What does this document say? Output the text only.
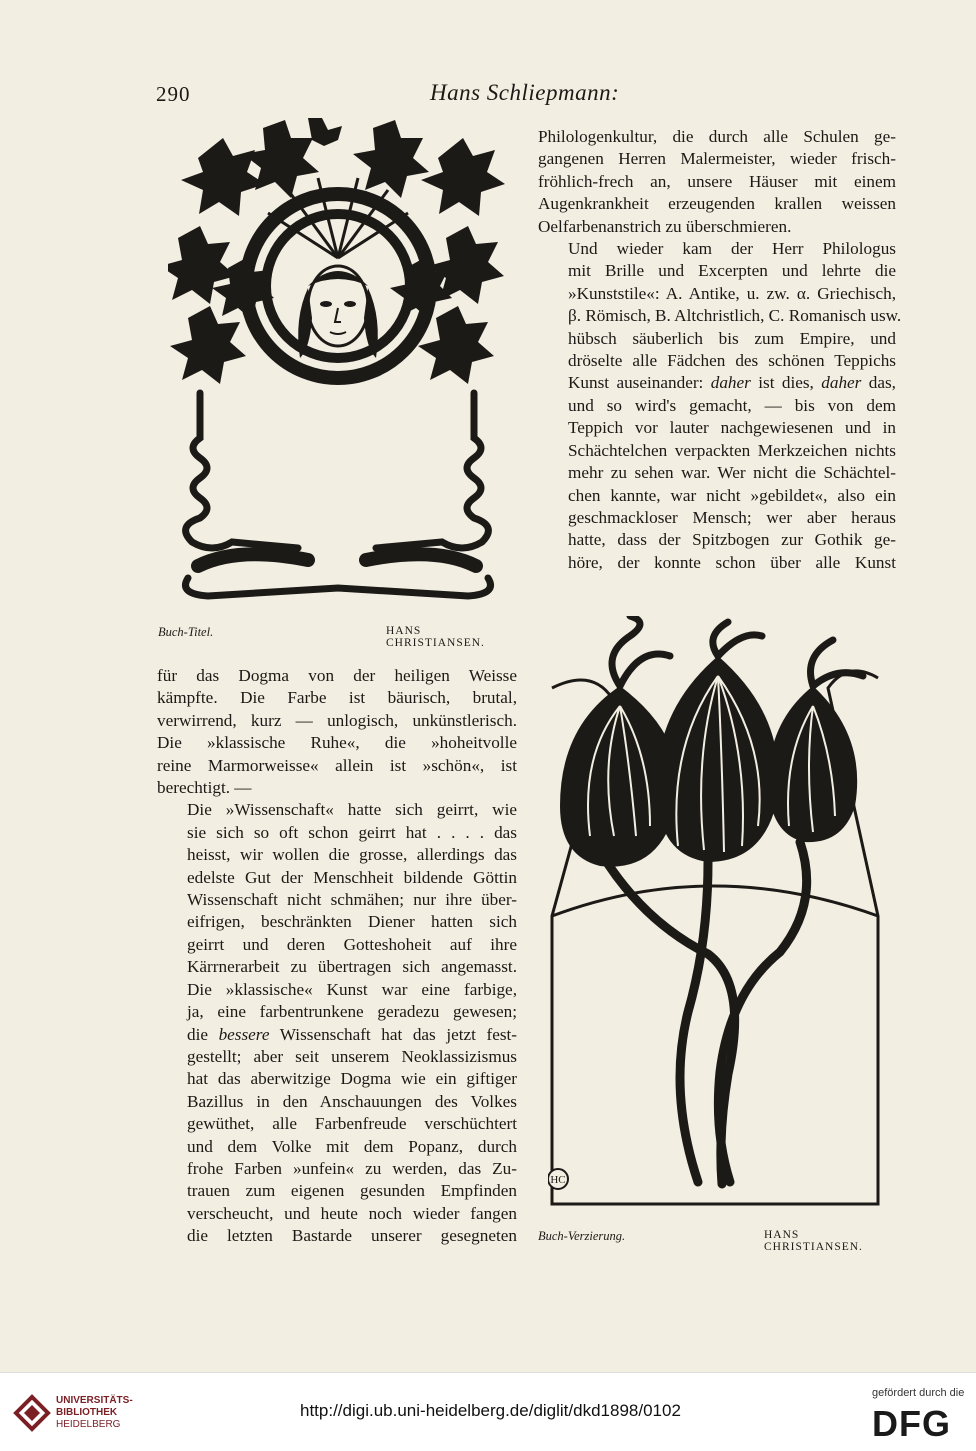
290	Hans Schliepmann:
Buch-Titel.	HANS CHRISTIANSEN.

Philologenkultur, die durch alle Schulen ge-
gangenen Herren Malermeister, wieder frisch-
fröhlich-frech an, unsere Häuser mit einem
Augenkrankheit erzeugenden krallen weissen
Oelfarbenanstrich zu überschmieren.

Und wieder kam der Herr Philologus
mit Brille und Excerpten und lehrte die
»Kunststile«: A. Antike, u. zw. α. Griechisch,
β. Römisch, B. Altchristlich, C. Romanisch usw.
hübsch säuberlich bis zum Empire, und
dröselte alle Fädchen des schönen Teppichs
Kunst auseinander: daher ist dies, daher das,
und so wird's gemacht, — bis von dem
Teppich vor lauter nachgewiesenen und in
Schächtelchen verpackten Merkzeichen nichts
mehr zu sehen war. Wer nicht die Schächtel-
chen kannte, war nicht »gebildet«, also ein
geschmackloser Mensch; wer aber heraus
hatte, dass der Spitzbogen zur Gothik ge-
höre, der konnte schon über alle Kunst

HC
Buch-Verzierung.	HANS CHRISTIANSEN.

für das Dogma von der heiligen Weisse
kämpfte. Die Farbe ist bäurisch, brutal,
verwirrend, kurz — unlogisch, unkünstlerisch.
Die »klassische Ruhe«, die »hoheitvolle
reine Marmorweisse« allein ist »schön«, ist
berechtigt. —

Die »Wissenschaft« hatte sich geirrt, wie
sie sich so oft schon geirrt hat . . . . das
heisst, wir wollen die grosse, allerdings das
edelste Gut der Menschheit bildende Göttin
Wissenschaft nicht schmähen; nur ihre über-
eifrigen, beschränkten Diener hatten sich
geirrt und deren Gotteshoheit auf ihre
Kärrnerarbeit zu übertragen sich angemasst.
Die »klassische« Kunst war eine farbige,
ja, eine farbentrunkene geradezu gewesen;
die bessere Wissenschaft hat das jetzt fest-
gestellt; aber seit unserem Neoklassizismus
hat das aberwitzige Dogma wie ein giftiger
Bazillus in den Anschauungen des Volkes
gewüthet, alle Farbenfreude verschüchtert
und dem Volke mit dem Popanz, durch
frohe Farben »unfein« zu werden, das Zu-
trauen zum eigenen gesunden Empfinden
verscheucht, und heute noch wieder fangen
die letzten Bastarde unserer gesegneten

UNIVERSITÄTS-
BIBLIOTHEK
HEIDELBERG
http://digi.ub.uni-heidelberg.de/diglit/dkd1898/0102
gefördert durch die
DFG
